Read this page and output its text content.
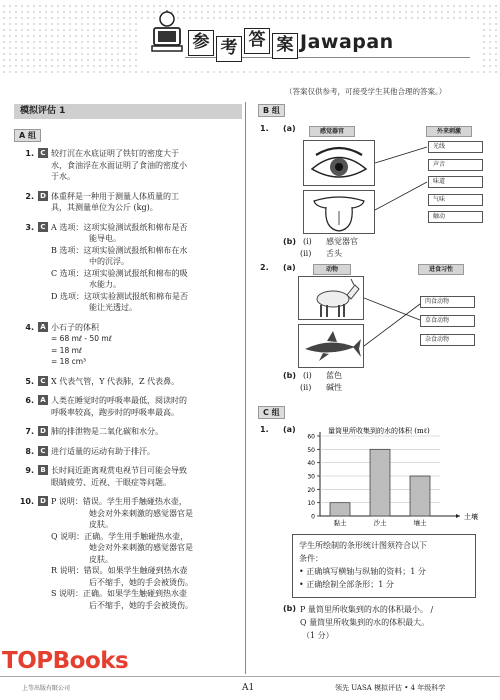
参 考 答 案 Jawapan
（答案仅供参考，可接受学生其他合理的答案。）
模拟评估 1
A 组
1. C 较打沉在水底证明了铁钉的密度大于
水，食油浮在水面证明了食油的密度小
于水。
2. D 体重秤是一种用于测量人体质量的工
具，其测量单位为公斤 (kg)。
3. C A 选项：这项实验测试报纸和棉布是否
能导电。
B 选项：这项实验测试报纸和棉布在水
中的沉浮。
C 选项：这项实验测试报纸和棉布的吸
水能力。
D 选项：这项实验测试报纸和棉布是否
能让光透过。
4. A 小石子的体积
= 68 mℓ - 50 mℓ
= 18 mℓ
= 18 cm³
5. C X 代表气管，Y 代表肺，Z 代表鼻。
6. A 人类在睡觉时的呼吸率最低，阅读时的
呼吸率较高，跑步时的呼吸率最高。
7. D 肺的排泄物是二氧化碳和水分。
8. C 进行适量的运动有助于排汗。
9. B 长时间近距离观赏电视节目可能会导致
眼睛疲劳、近视、干眼症等问题。
10. D P 说明：错误。学生用手触碰热水壶，
她会对外来刺激的感觉器官是
皮肤。
Q 说明：正确。学生用手触碰热水壶，
她会对外来刺激的感觉器官是
皮肤。
R 说明：错误。如果学生触碰到热水壶
后不缩手，她的手会被烫伤。
S 说明：正确。如果学生触碰到热水壶
后不缩手，她的手会被烫伤。
B 组
1. (a)	感觉器官	外来刺激
光线
声音
味道
气味
触动
(b) (i) 感觉器官
(ii) 舌头
2. (a)	动物	进食习性
肉食动物
草食动物
杂食动物
(b) (i) 蓝色
(ii) 碱性
C 组
1. (a)	量筒里所收集到的水的体积 (mℓ)
0
10
20
30
40
50
60
黏土	沙土	壤土
土壤
学生所绘制的条形统计图须符合以下
条件：
• 正确填写横轴与纵轴的资料；1 分
• 正确绘制全部条形；1 分
(b) P 量筒里所收集到的水的体积最小。 /
Q 量筒里所收集到的水的体积最大。
（1 分）
TOPBooks
上等出版有限公司	A1	领先 UASA 模拟评估 • 4 年级科学
